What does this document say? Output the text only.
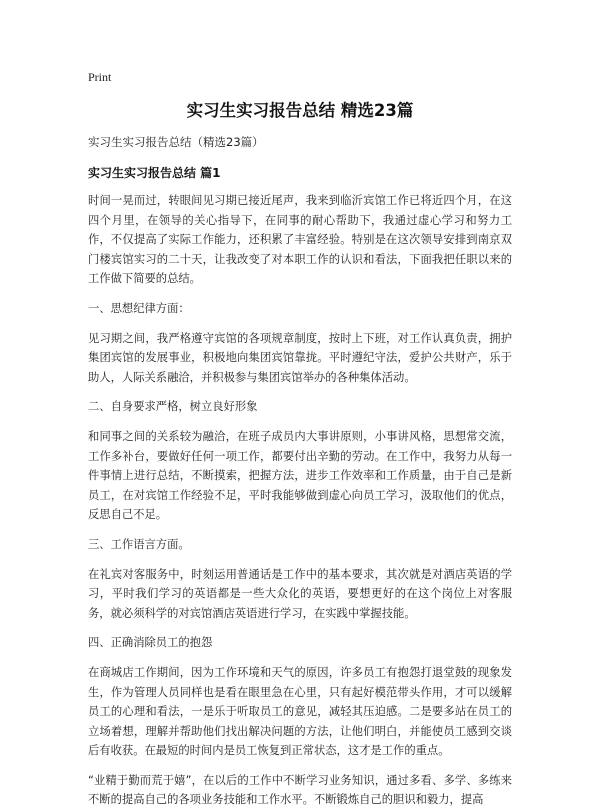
Print
实习生实习报告总结 精选23篇
实习生实习报告总结（精选23篇）
实习生实习报告总结 篇1

时间一晃而过，转眼间见习期已接近尾声，我来到临沂宾馆工作已将近四个月，在这四个月里，在领导的关心指导下，在同事的耐心帮助下，我通过虚心学习和努力工作，不仅提高了实际工作能力，还积累了丰富经验。特别是在这次领导安排到南京双门楼宾馆实习的二十天，让我改变了对本职工作的认识和看法，下面我把任职以来的工作做下简要的总结。

一、思想纪律方面：

见习期之间，我严格遵守宾馆的各项规章制度，按时上下班，对工作认真负责，拥护集团宾馆的发展事业，积极地向集团宾馆靠拢。平时遵纪守法，爱护公共财产，乐于助人，人际关系融洽，并积极参与集团宾馆举办的各种集体活动。

二、自身要求严格，树立良好形象

和同事之间的关系较为融洽，在班子成员内大事讲原则，小事讲风格，思想常交流，工作多补台，要做好任何一项工作，都要付出辛勤的劳动。在工作中，我努力从每一件事情上进行总结，不断摸索，把握方法，进步工作效率和工作质量，由于自己是新员工，在对宾馆工作经验不足，平时我能够做到虚心向员工学习，汲取他们的优点，反思自己不足。

三、工作语言方面。

在礼宾对客服务中，时刻运用普通话是工作中的基本要求，其次就是对酒店英语的学习，平时我们学习的英语都是一些大众化的英语，要想更好的在这个岗位上对客服务，就必须科学的对宾馆酒店英语进行学习，在实践中掌握技能。

四、正确消除员工的抱怨

在商城店工作期间，因为工作环境和天气的原因，许多员工有抱怨打退堂鼓的现象发生，作为管理人员同样也是看在眼里急在心里，只有起好模范带头作用，才可以缓解员工的心理和看法，一是乐于听取员工的意见，减轻其压迫感。二是要多站在员工的立场着想，理解并帮助他们找出解决问题的方法，让他们明白，并能使员工感到交谈后有收获。在最短的时间内是员工恢复到正常状态，这才是工作的重点。

“业精于勤而荒于嬉”，在以后的工作中不断学习业务知识，通过多看、多学、多练来不断的提高自己的各项业务技能和工作水平。不断锻炼自己的胆识和毅力，提高
